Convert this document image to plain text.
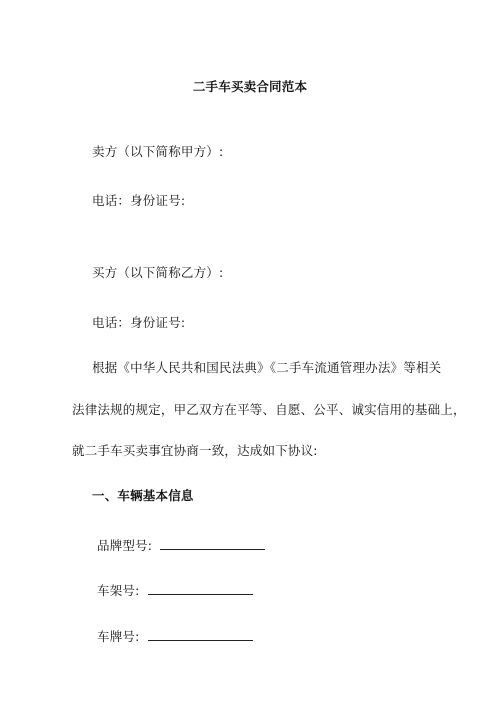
二手车买卖合同范本
卖方（以下简称甲方）:
电话：身份证号:
买方（以下简称乙方）:
电话：身份证号:
根据《中华人民共和国民法典》《二手车流通管理办法》等相关
法律法规的规定，甲乙双方在平等、自愿、公平、诚实信用的基础上，
就二手车买卖事宜协商一致，达成如下协议:
一、车辆基本信息
品牌型号:
车架号:
车牌号:
